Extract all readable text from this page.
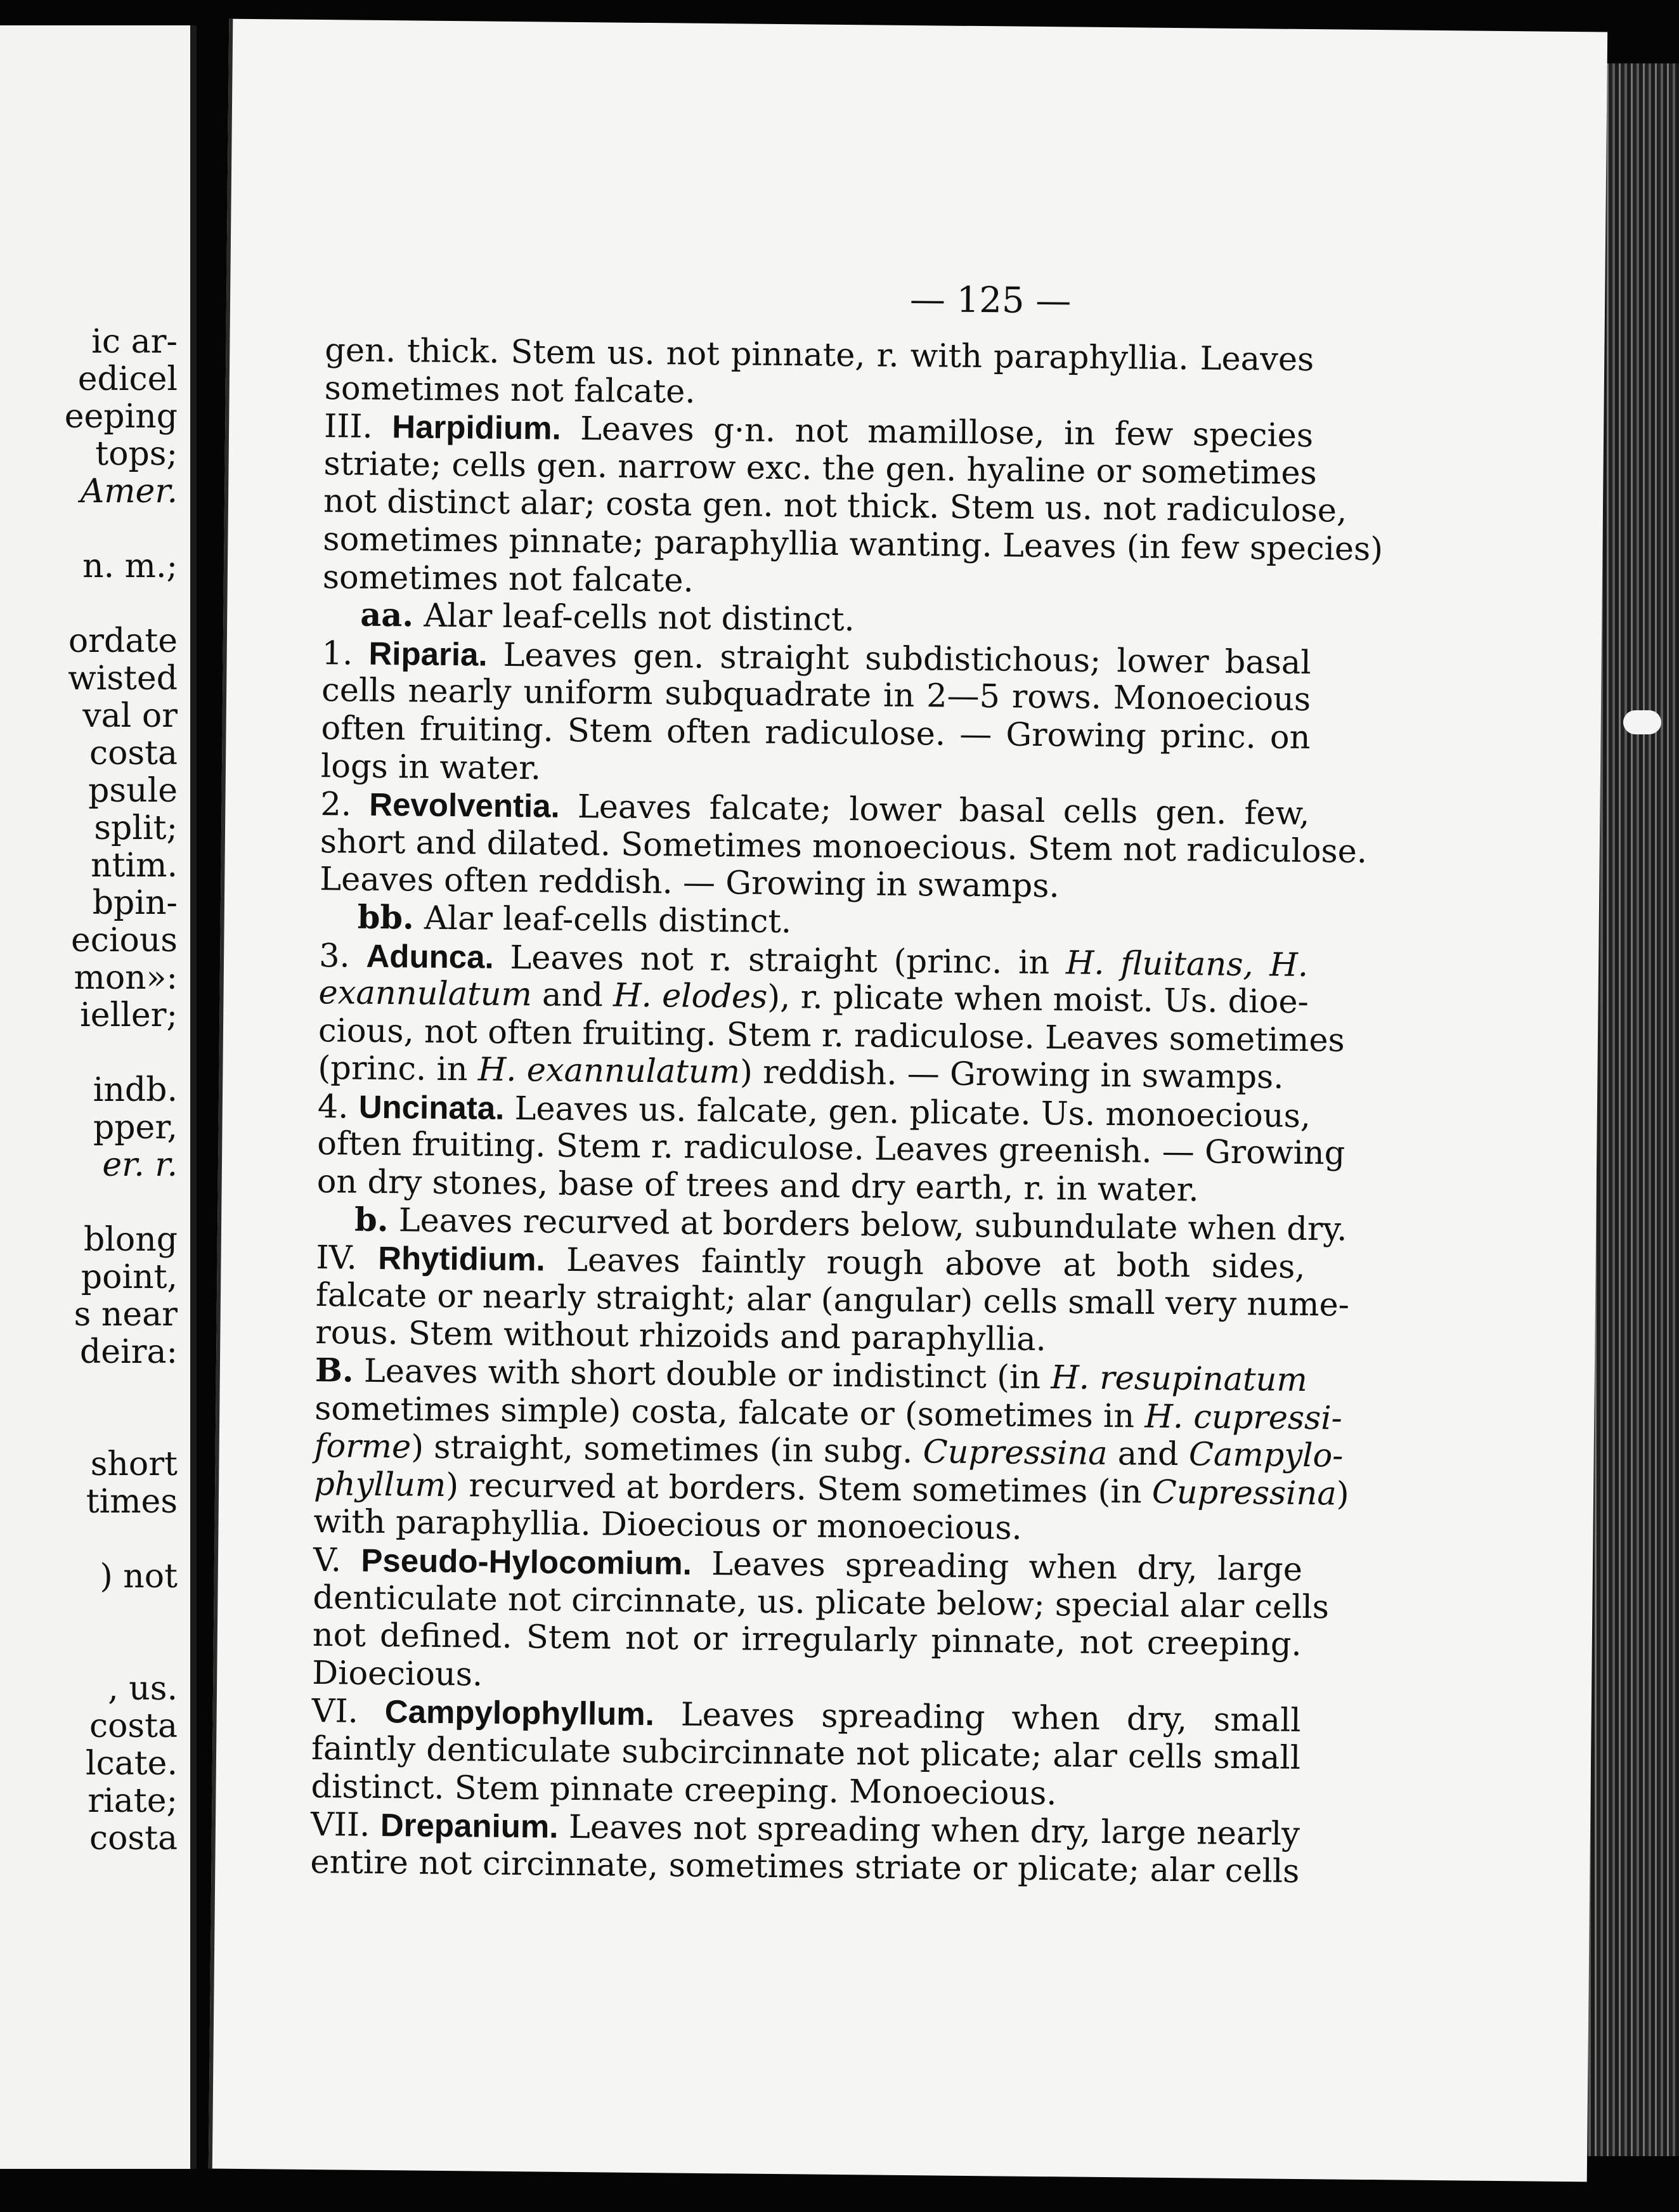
ic ar-
edicel
eeping
tops;
Amer.
n. m.;
ordate
wisted
val or
costa
psule
split;
ntim.
bpin-
ecious
mon»:
ieller;
indb.
pper,
er. r.
blong
point,
s near
deira:
short
times
) not
, us.
costa
lcate.
riate;
costa
— 125 —
gen. thick. Stem us. not pinnate, r. with paraphyllia. Leaves
sometimes not falcate.
III. Harpidium. Leaves g·n. not mamillose, in few species
striate; cells gen. narrow exc. the gen. hyaline or sometimes
not distinct alar; costa gen. not thick. Stem us. not radiculose,
sometimes pinnate; paraphyllia wanting. Leaves (in few species)
sometimes not falcate.
aa. Alar leaf-cells not distinct.
1. Riparia. Leaves gen. straight subdistichous; lower basal
cells nearly uniform subquadrate in 2—5 rows. Monoecious
often fruiting. Stem often radiculose. — Growing princ. on
logs in water.
2. Revolventia. Leaves falcate; lower basal cells gen. few,
short and dilated. Sometimes monoecious. Stem not radiculose.
Leaves often reddish. — Growing in swamps.
bb. Alar leaf-cells distinct.
3. Adunca. Leaves not r. straight (princ. in H. fluitans, H.
exannulatum and H. elodes), r. plicate when moist. Us. dioe-
cious, not often fruiting. Stem r. radiculose. Leaves sometimes
(princ. in H. exannulatum) reddish. — Growing in swamps.
4. Uncinata. Leaves us. falcate, gen. plicate. Us. monoecious,
often fruiting. Stem r. radiculose. Leaves greenish. — Growing
on dry stones, base of trees and dry earth, r. in water.
b. Leaves recurved at borders below, subundulate when dry.
IV. Rhytidium. Leaves faintly rough above at both sides,
falcate or nearly straight; alar (angular) cells small very nume-
rous. Stem without rhizoids and paraphyllia.
B. Leaves with short double or indistinct (in H. resupinatum
sometimes simple) costa, falcate or (sometimes in H. cupressi-
forme) straight, sometimes (in subg. Cupressina and Campylo-
phyllum) recurved at borders. Stem sometimes (in Cupressina)
with paraphyllia. Dioecious or monoecious.
V. Pseudo-Hylocomium. Leaves spreading when dry, large
denticulate not circinnate, us. plicate below; special alar cells
not defined. Stem not or irregularly pinnate, not creeping.
Dioecious.
VI. Campylophyllum. Leaves spreading when dry, small
faintly denticulate subcircinnate not plicate; alar cells small
distinct. Stem pinnate creeping. Monoecious.
VII. Drepanium. Leaves not spreading when dry, large nearly
entire not circinnate, sometimes striate or plicate; alar cells
